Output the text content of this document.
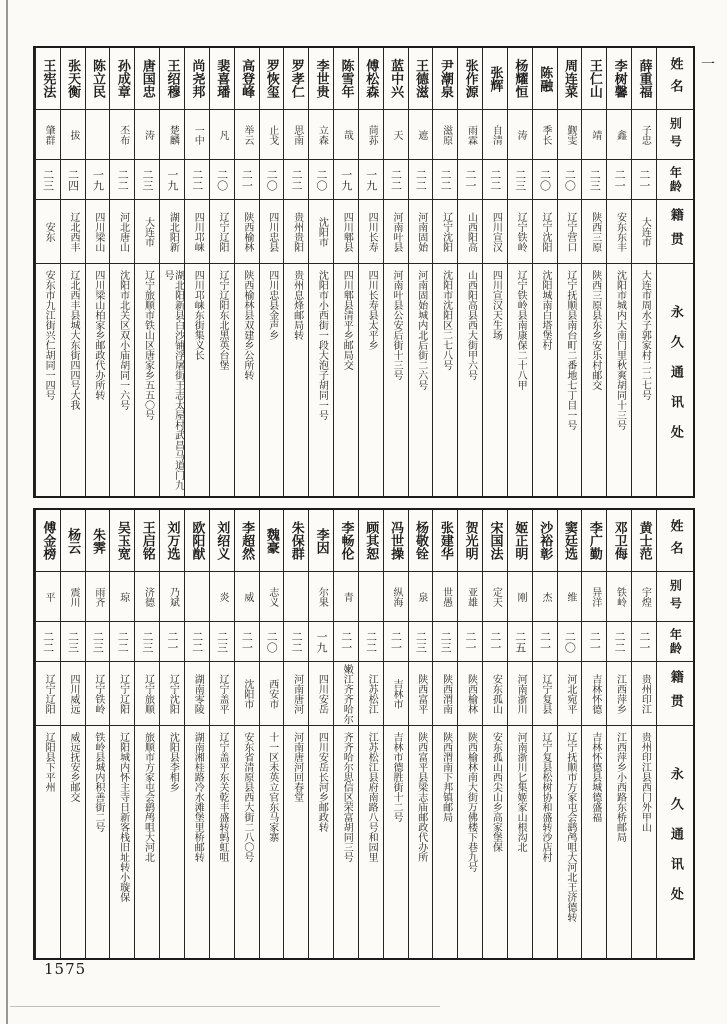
一
姓名
别号
年龄
籍贯
永久通讯处
薛重福
子忠
二一
大连市
大连市周水子郭家村二二七号
李树馨
鑫
二一
安东东丰
沈阳市城内大南门里秋爽胡同十三号
王仁山
靖
二三
陕西三原
陕西三原县东乡安乐村邮交
周连菜
觐雯
二〇
辽宁营口
辽宁抚顺县南台町二番地七丁目一号
陈融
季长
二〇
辽宁沈阳
沈阳城南白塔堡村
杨耀恒
涛
二三
辽宁铁岭
辽宁铁岭县南康保二十八甲
张辉
自清
二二
四川宣汉
四川宣汉天生场
张作源
雨霖
二一
山西阳高
山西阳高县西大街甲六号
尹潮泉
滋原
二二
辽宁沈阳
沈阳市沈阳区二七八号
王德滋
遮
二二
河南固始
河南固始城内北后街二六号
蓝中兴
天
二二
河南叶县
河南叶县公安后街十三号
傅松森
茼荪
一九
四川长寿
四川长寿县太平乡
陈雪年
哉
一九
四川郫县
四川郫县清平乡邮局交
李世贵
立森
二〇
沈阳市
沈阳市小西街一段大泡子胡同一号
罗孝仁
思南
二二
贵州贵阳
贵州息烽邮局转
罗恢玺
止戈
二〇
四川忠县
四川忠县金声乡
高登峰
举云
二一
陕西榆林
陕西榆林县双建乡公所转
裴喜璠
凡
二〇
辽宁辽阳
辽宁辽阳东北黑英台堡
尚尧邦
一中
二二
四川邛崃
四川邛崃东街集义长
王绍穆
楚麟
一九
湖北阳新
湖北阳新县白沙铺浮屠街王志太屋村武昌马道门九号
唐国忠
涛
二三
大连市
辽宁旅顺市铁山区唐家乡五五〇号
孙成章
丕布
二二
河北唐山
沈阳市北关区双小庙胡同一六号
陈立民
一九
四川梁山
四川梁山柏家乡邮政代办所转
张天衡
拔
二四
辽北西丰
辽北西丰县城大东街四四号大我
王宪法
肇群
二三
安东
安东市九江街兴仁胡同一四号
姓名
别号
年龄
籍贯
永久通讯处
黄士范
宇煌
二一
贵州印江
贵州印江县西门外甲山
邓卫侮
铁岭
二二
江西萍乡
江西萍乡小西路东桥邮局
李广勤
异洋
二一
吉林怀德
吉林怀德县城德盛福
窦廷选
维
二〇
河北宛平
辽宁抚顺市方家屯会鹞鸬咀大河北王济德转
沙裕彰
杰
二一
辽宁复县
辽宁复县松树协和盛转沙店村
姬正明
刚
二五
河南浙川
河南浙川匕集姬家山根沟北
宋国法
定天
二一
安东孤山
安东孤山西尖山乡高家堡保
贺光明
亚雄
二一
陕西榆林
陕西榆林南大街万佛楼下巷九号
张建华
世愚
二三
陕西渭南
陕西渭南下邦镇邮局
杨敬铨
泉
二三
陕西富平
陕西富平县梁志庙邮政代办所
冯世操
纵海
二一
吉林市
吉林市德胜街十二号
顾其恕
二二
江苏松江
江苏松江县府南路八号和园里
李畅伦
青
二一
嫩江齐齐哈尔
齐齐哈尔思信区荣富胡同三号
李因
尔果
一九
四川安岳
四川安岳长河乡邮政转
朱保群
二二
河南唐河
河南唐河回春堂
魏豪
志义
二〇
西安市
十一区未英立官东马家寨
李超然
威
二一
沈阳市
安东省清原县西大街二八〇号
刘绍义
炎
二三
辽宁盖平
辽宁盖平东关乾丰盛转蚂虹咀
欧阳猷
二二
湖南零陵
湖南湘桂路冷水滩堡里桥邮转
刘万选
乃斌
二一
辽宁沈阳
沈阳县李相乡
王启铭
济德
二三
辽宁旅顺
旅顺市方家屯会鹞鸬咀大河北
吴玉宽
琼
二二
辽宁辽阳
辽阳城内怀主寺日新客栈旧址转小璇保
朱霁
雨齐
二三
辽宁铁岭
铁岭县城内积善街二号
杨云
震川
二三
四川威远
威远抚安乡邮交
傅金榜
平
二二
辽宁辽阳
辽阳县下平州
1575
